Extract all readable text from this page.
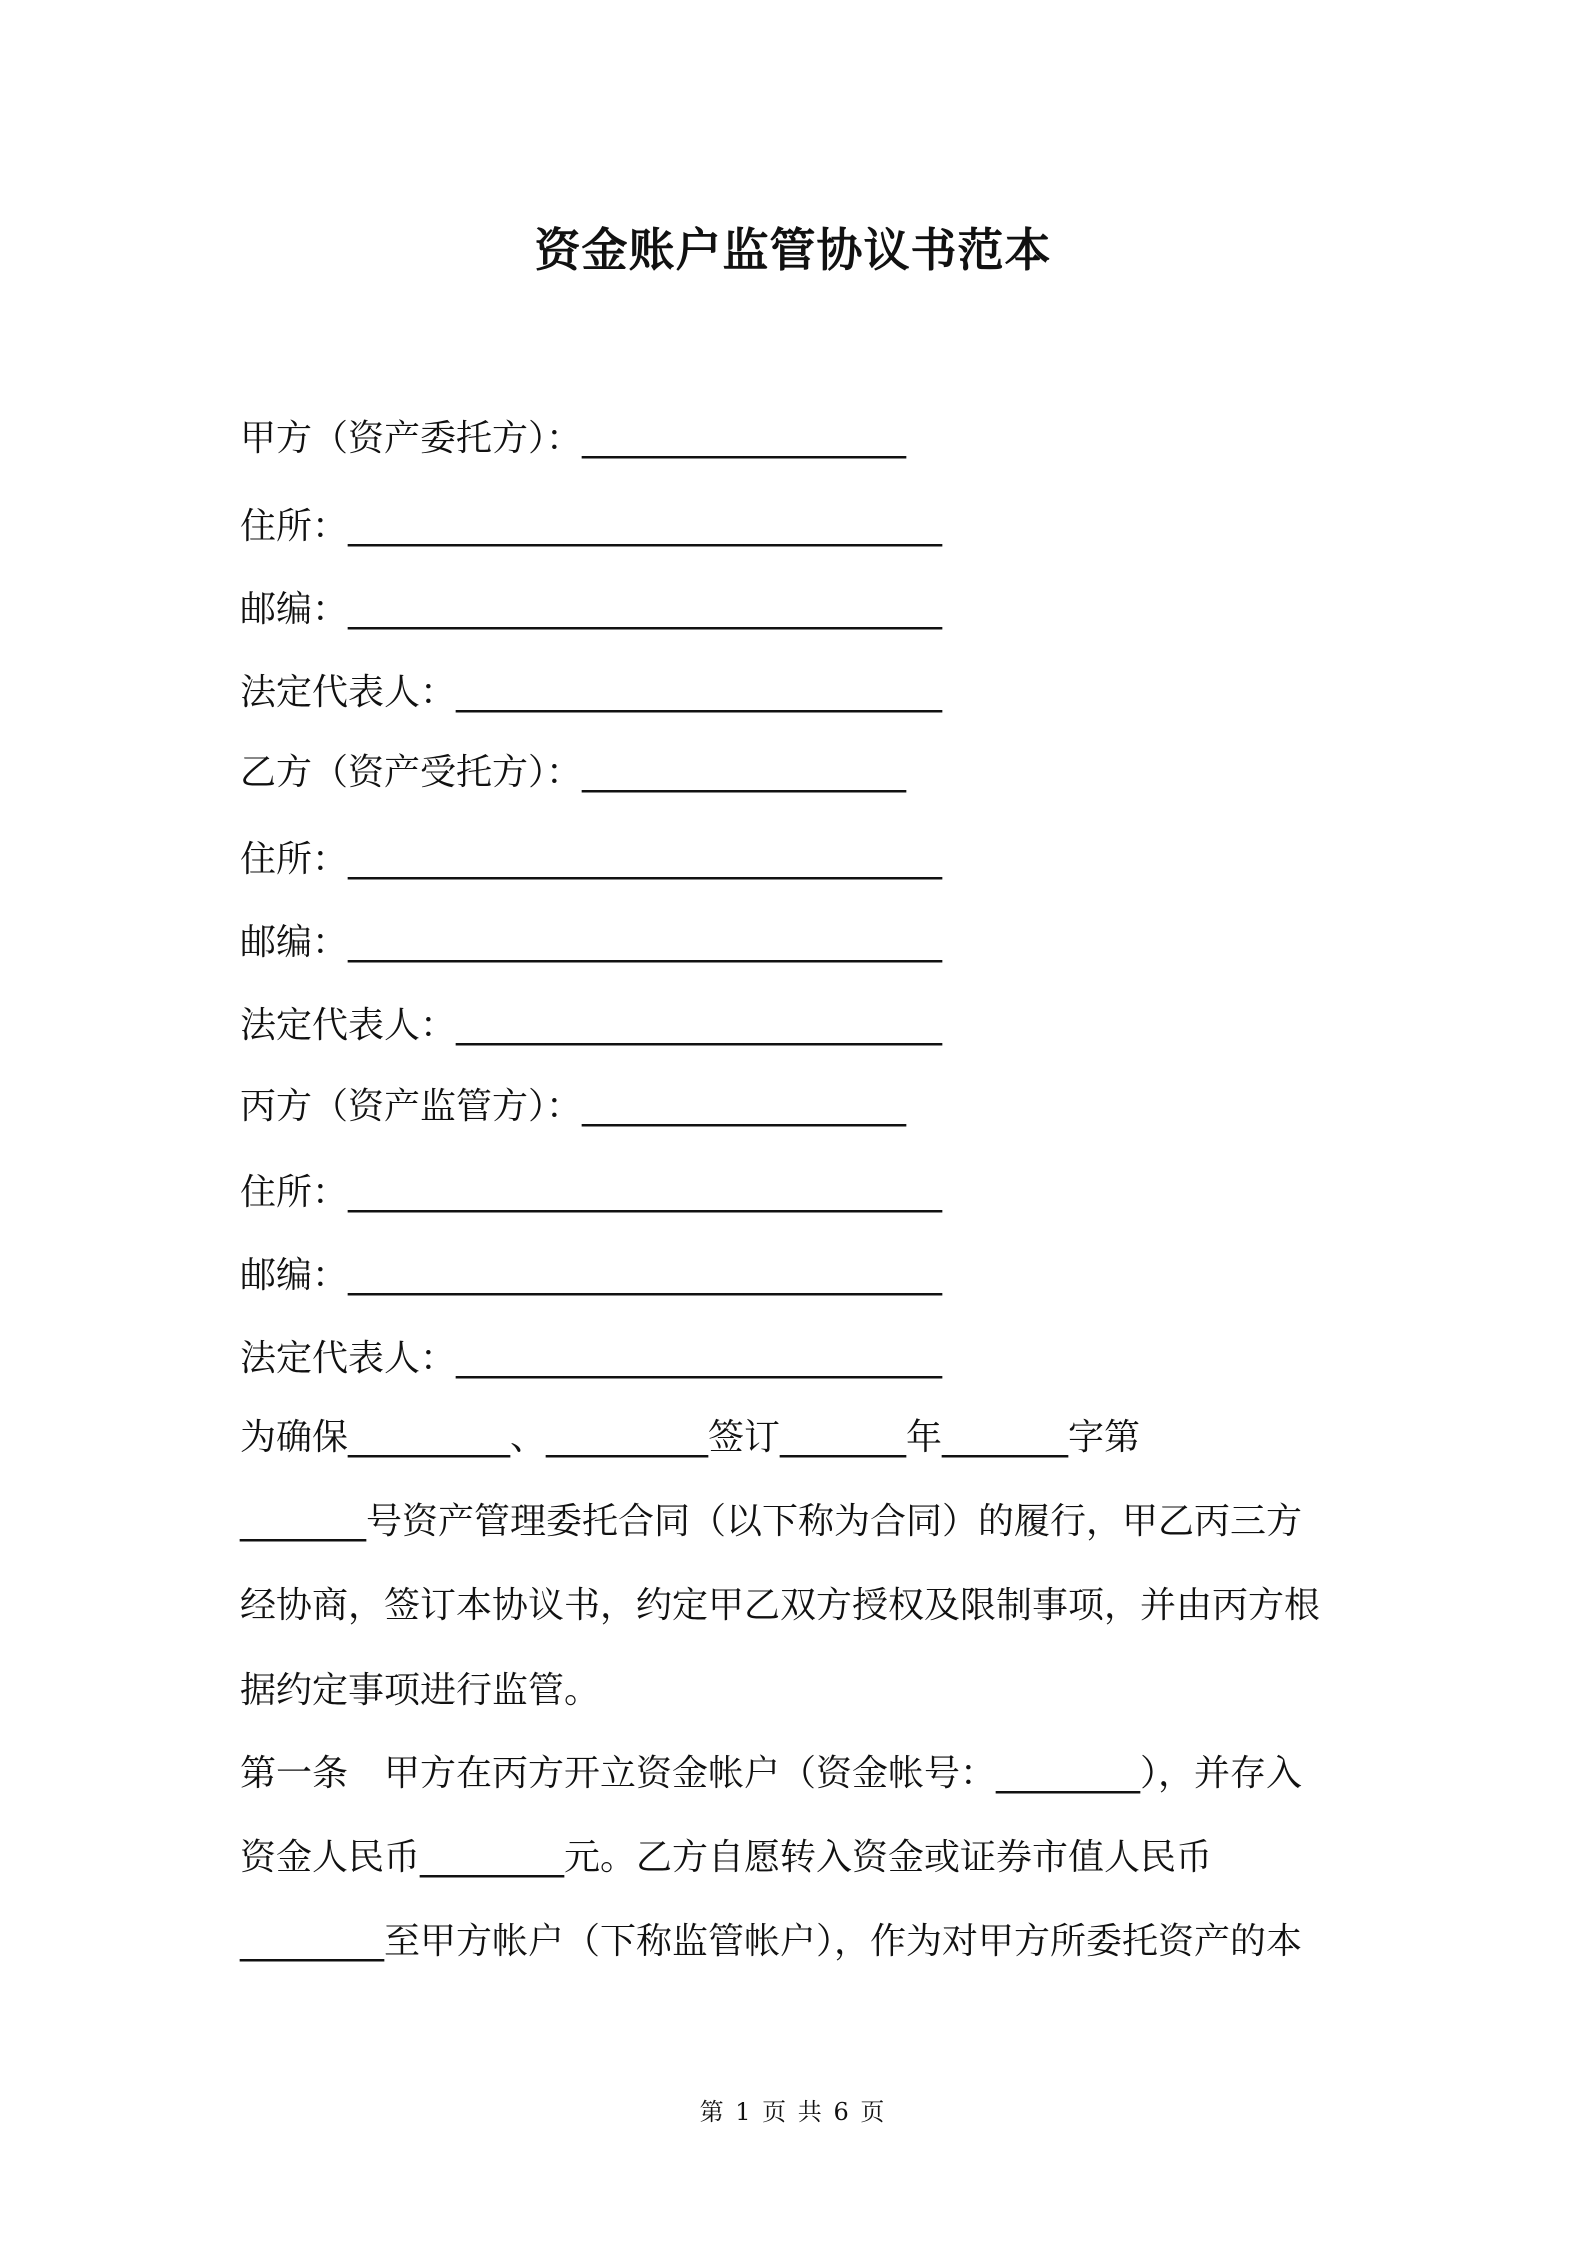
资金账户监管协议书范本
甲方（资产委托方）：__________________
住所：_________________________________
邮编：_________________________________
法定代表人：___________________________
乙方（资产受托方）：__________________
住所：_________________________________
邮编：_________________________________
法定代表人：___________________________
丙方（资产监管方）：__________________
住所：_________________________________
邮编：_________________________________
法定代表人：___________________________
为确保_________、_________签订_______年_______字第
_______号资产管理委托合同（以下称为合同）的履行，甲乙丙三方
经协商，签订本协议书，约定甲乙双方授权及限制事项，并由丙方根
据约定事项进行监管。
第一条　甲方在丙方开立资金帐户（资金帐号：________），并存入
资金人民币________元。乙方自愿转入资金或证券市值人民币
________至甲方帐户（下称监管帐户），作为对甲方所委托资产的本
第 1 页 共 6 页
